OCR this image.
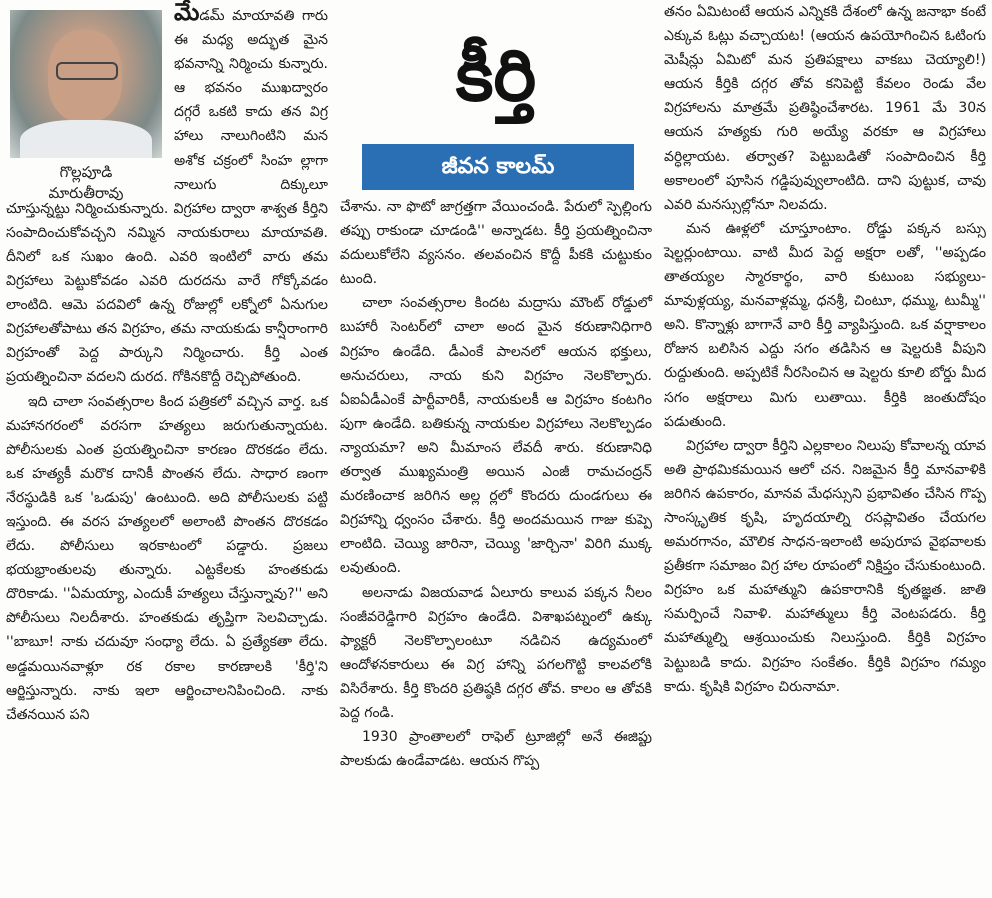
గొల్లపూడి
మారుతీరావు

మేడమ్ మాయావతి గారు ఈ మధ్య అద్భుత మైన భవనాన్ని నిర్మించు కున్నారు. ఆ భవనం ముఖద్వారం దగ్గరే ఒకటి కాదు తన విగ్ర హాలు నాలుగింటిని మన అశోక చక్రంలో సింహ ల్లాగా నాలుగు దిక్కులూ చూస్తున్నట్టు నిర్మించుకున్నారు. విగ్రహాల ద్వారా శాశ్వత కీర్తిని సంపాదించుకోవచ్చని నమ్మిన నాయకురాలు మాయావతి. దీనిలో ఒక సుఖం ఉంది. ఎవరి ఇంటిలో వారు తమ విగ్రహాలు పెట్టుకోవడం ఎవరి దురదను వారే గోక్కోవడం లాంటిది. ఆమె పదవిలో ఉన్న రోజుల్లో లక్నోలో ఏనుగుల విగ్రహాలతోపాటు తన విగ్రహం, తమ నాయకుడు కాన్షీరాంగారి విగ్రహంతో పెద్ద పార్కుని నిర్మించారు. కీర్తి ఎంత ప్రయత్నించినా వదలని దురద. గోకినకొద్దీ రెచ్చిపోతుంది.

ఇది చాలా సంవత్సరాల కింద పత్రికలో వచ్చిన వార్త. ఒక మహానగరంలో వరసగా హత్యలు జరుగుతున్నాయట. పోలీసులకు ఎంత ప్రయత్నించినా కారణం దొరకడం లేదు. ఒక హత్యకీ మరొక దానికీ పొంతన లేదు. సాధార ణంగా నేరస్థుడికి ఒక 'ఒడుపు' ఉంటుంది. అది పోలీసులకు పట్టి ఇస్తుంది. ఈ వరస హత్యలలో అలాంటి పొంతన దొరకడం లేదు. పోలీసులు ఇరకాటంలో పడ్డారు. ప్రజలు భయభ్రాంతులవు తున్నారు. ఎట్టకేలకు హంతకుడు దొరికాడు. ''ఏమయ్యా, ఎందుకీ హత్యలు చేస్తున్నావు?'' అని పోలీసులు నిలదీశారు. హంతకుడు తృప్తిగా సెలవిచ్చాడు. ''బాబూ! నాకు చదువూ సంధ్యా లేదు. ఏ ప్రత్యేకతా లేదు. అడ్డమయినవాళ్లూ రక రకాల కారణాలకి 'కీర్తి'ని ఆర్జిస్తున్నారు. నాకు ఇలా ఆర్జించాలనిపించింది. నాకు చేతనయిన పని

కీర్తి
జీవన కాలమ్

చేశాను. నా ఫొటో జాగ్రత్తగా వేయించండి. పేరులో స్పెల్లింగు తప్పు రాకుండా చూడండి'' అన్నాడట. కీర్తి ప్రయత్నించినా వదులుకోలేని వ్యసనం. తలవంచిన కొద్దీ పీకకి చుట్టుకుం టుంది.

చాలా సంవత్సరాల కిందట మద్రాసు మౌంట్ రోడ్డులో బుహారీ సెంటర్‌లో చాలా అంద మైన కరుణానిధిగారి విగ్రహం ఉండేది. డీఎంకే పాలనలో ఆయన భక్తులు, అనుచరులు, నాయ కుని విగ్రహం నెలకొల్పారు. ఏఐఏడీఎంకే పార్టీవారికీ, నాయకులకీ ఆ విగ్రహం కంటగిం పుగా ఉండేది. బతికున్న నాయకుల విగ్రహాలు నెలకొల్పడం న్యాయమా? అని మీమాంస లేవదీ శారు. కరుణానిధి తర్వాత ముఖ్యమంత్రి అయిన ఎంజీ రామచంద్రన్ మరణించాక జరిగిన అల్ల ర్లలో కొందరు దుండగులు ఈ విగ్రహాన్ని ధ్వంసం చేశారు. కీర్తి అందమయిన గాజు కుప్పె లాంటిది. చెయ్యి జారినా, చెయ్యి 'జార్చినా' విరిగి ముక్క లవుతుంది.

అలనాడు విజయవాడ ఏలూరు కాలువ పక్కన నీలం సంజీవరెడ్డిగారి విగ్రహం ఉండేది. విశాఖపట్నంలో ఉక్కు ఫ్యాక్టరీ నెలకొల్పాలంటూ నడిచిన ఉద్యమంలో ఆందోళనకారులు ఈ విగ్ర హాన్ని పగలగొట్టి కాలవలోకి విసిరేశారు. కీర్తి కొందరి ప్రతిష్ఠకి దగ్గర తోవ. కాలం ఆ తోవకి పెద్ద గండి.

1930 ప్రాంతాలలో రాఫెల్ ట్రూజిల్లో అనే ఈజిప్టు పాలకుడు ఉండేవాడట. ఆయన గొప్ప

తనం ఏమిటంటే ఆయన ఎన్నికకి దేశంలో ఉన్న జనాభా కంటే ఎక్కువ ఓట్లు వచ్చాయట! (ఆయన ఉపయోగించిన ఓటింగు మెషీన్లు ఏమిటో మన ప్రతిపక్షాలు వాకబు చెయ్యాలి!) ఆయన కీర్తికి దగ్గర తోవ కనిపెట్టి కేవలం రెండు వేల విగ్రహాలను మాత్రమే ప్రతిష్ఠించేశారట. 1961 మే 30న ఆయన హత్యకు గురి అయ్యే వరకూ ఆ విగ్రహాలు వర్ధిల్లాయట. తర్వాత? పెట్టుబడితో సంపాదించిన కీర్తి అకాలంలో పూసిన గడ్డిపువ్వులాంటిది. దాని పుట్టుక, చావు ఎవరి మనస్సుల్లోనూ నిలవదు.

మన ఊళ్లలో చూస్తూంటాం. రోడ్డు పక్కన బస్సు షెల్టర్లుంటాయి. వాటి మీద పెద్ద అక్షరా లతో, ''అప్పడం తాతయ్యల స్మారకార్థం, వారి కుటుంబ సభ్యులు-మావుళ్లయ్య, మనవాళ్లమ్మ, ధనశ్రీ, చింటూ, ధమ్ము, టుమ్మీ'' అని. కొన్నాళ్లు బాగానే వారి కీర్తి వ్యాపిస్తుంది. ఒక వర్షాకాలం రోజున బలిసిన ఎద్దు సగం తడిసిన ఆ షెల్టరుకి వీపుని రుద్దుతుంది. అప్పటికే నీరసించిన ఆ షెల్టరు కూలి బోర్డు మీద సగం అక్షరాలు మిగు లుతాయి. కీర్తికి జంతుదోషం పడుతుంది.

విగ్రహాల ద్వారా కీర్తిని ఎల్లకాలం నిలుపు కోవాలన్న యావ అతి ప్రాథమికమయిన ఆలో చన. నిజమైన కీర్తి మానవాళికి జరిగిన ఉపకారం, మానవ మేధస్సుని ప్రభావితం చేసిన గొప్ప సాంస్కృతిక కృషి, హృదయాల్ని రసప్లావితం చేయగల అమరగానం, మౌలిక సాధన-ఇలాంటి అపురూప వైభవాలకు ప్రతీకగా సమాజం విగ్ర హాల రూపంలో నిక్షిప్తం చేసుకుంటుంది. విగ్రహం ఒక మహాత్ముని ఉపకారానికి కృతజ్ఞత. జాతి సమర్పించే నివాళి. మహాత్ములు కీర్తి వెంటపడరు. కీర్తి మహాత్ముల్ని ఆశ్రయించుకు నిలుస్తుంది. కీర్తికి విగ్రహం పెట్టుబడి కాదు. విగ్రహం సంకేతం. కీర్తికి విగ్రహం గమ్యం కాదు. కృషికి విగ్రహం చిరునామా.
